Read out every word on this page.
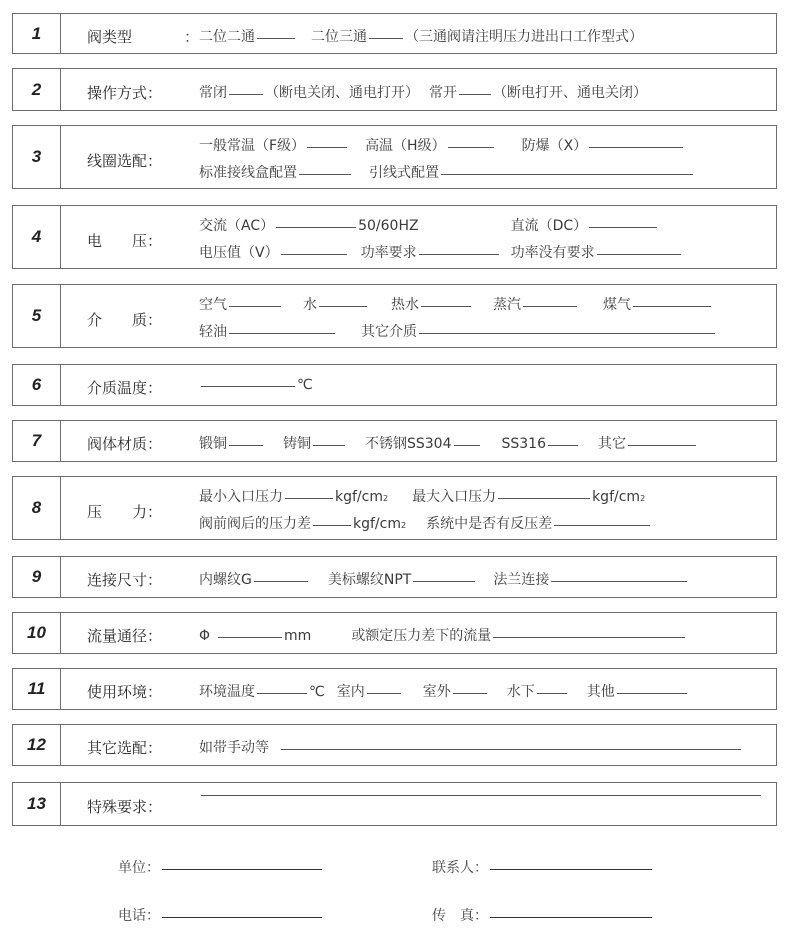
1	阀类型	： 二位二通	二位三通	（三通阀请注明压力进出口工作型式）
2	操作方式：	常闭	（断电关闭、通电打开） 常开	（断电打开、通电关闭）
3	线圈选配：
一般常温（F级）	高温（H级）	防爆（X）
标准接线盒配置	引线式配置
4	电　　压：
交流（AC）	50/60HZ	直流（DC）
电压值（V）	功率要求	功率没有要求
5	介　　质：
空气	水	热水	蒸汽	煤气
轻油	其它介质
6	介质温度：	℃
7	阀体材质：	锻铜	铸铜	不锈钢SS304	SS316	其它
8	压　　力：
最小入口压力	kgf/cm 2 最大入口压力	kgf/cm 2
阀前阀后的压力差	kgf/cm 2 系统中是否有反压差
9	连接尺寸：	内螺纹G	美标螺纹NPT	法兰连接
10	流量通径：	Φ	mm	或额定压力差下的流量
11	使用环境：	环境温度	℃ 室内	室外	水下	其他
12	其它选配：	如带手动等
13	特殊要求：
单位：	联系人：
电话：	传　真：
